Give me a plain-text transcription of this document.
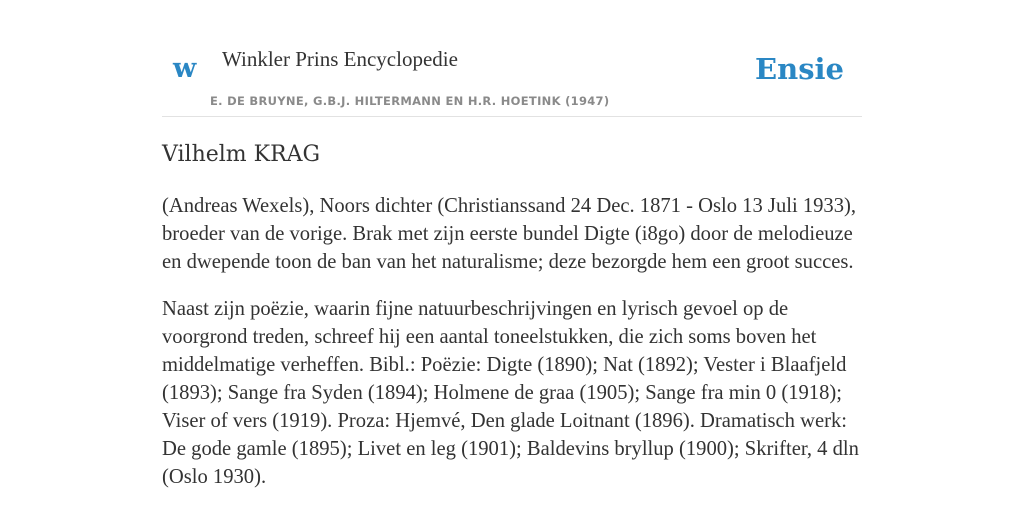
w Winkler Prins Encyclopedie
E. DE BRUYNE, G.B.J. HILTERMANN EN H.R. HOETINK (1947)
Ensie
Vilhelm KRAG

(Andreas Wexels), Noors dichter (Christianssand 24 Dec. 1871 - Oslo 13 Juli 1933), broeder van de vorige. Brak met zijn eerste bundel Digte (i8go) door de melodieuze en dwepende toon de ban van het naturalisme; deze bezorgde hem een groot succes.

Naast zijn poëzie, waarin fijne natuurbeschrijvingen en lyrisch gevoel op de voorgrond treden, schreef hij een aantal toneelstukken, die zich soms boven het middelmatige verheffen. Bibl.: Poëzie: Digte (1890); Nat (1892); Vester i Blaafjeld (1893); Sange fra Syden (1894); Holmene de graa (1905); Sange fra min 0 (1918); Viser of vers (1919). Proza: Hjemvé, Den glade Loitnant (1896). Dramatisch werk: De gode gamle (1895); Livet en leg (1901); Baldevins bryllup (1900); Skrifter, 4 dln (Oslo 1930).
